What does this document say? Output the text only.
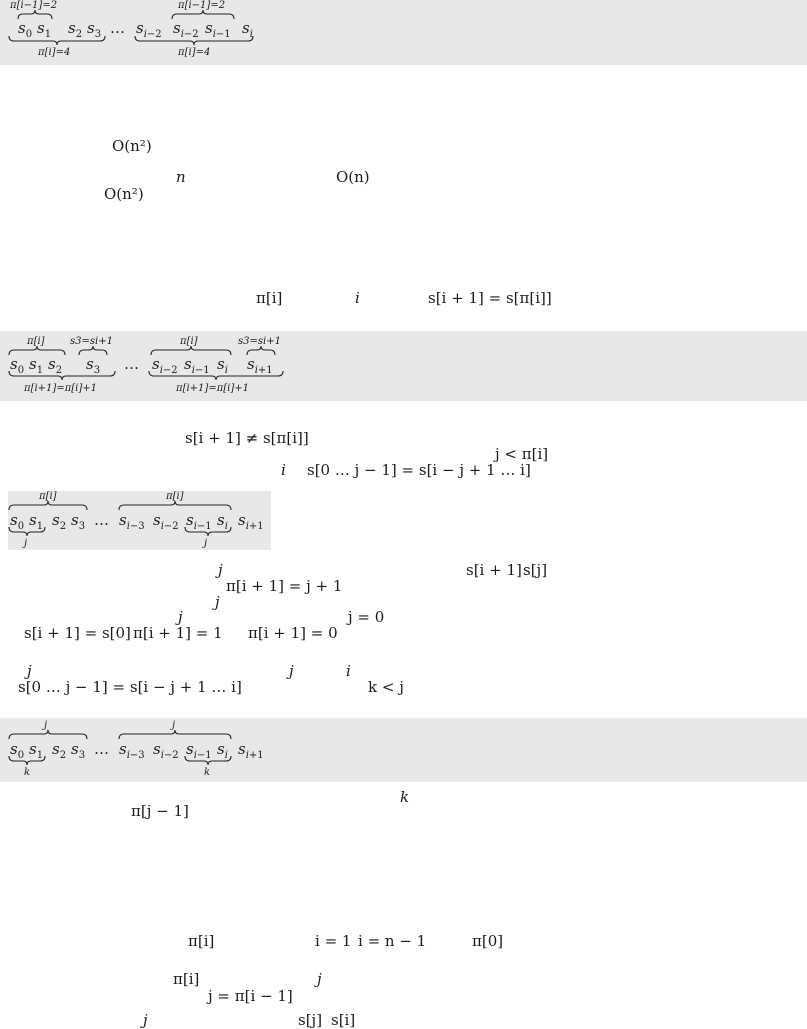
π[i−1]=2	π[i−1]=2
$s_0$ $s_1$ $s_2$ $s_3$ … $s_{i-2}$ $s_{i-2}$ $s_{i-1}$ $s_i$
π[i]=4	π[i]=4
O(n²)
n	O(n)
O(n²)
π[i]	i	s[i + 1] = s[π[i]]
π[i]	s3=si+1	π[i]	s3=si+1
$s_0$ $s_1$ $s_2$ $s_3$ … $s_{i-2}$ $s_{i-1}$ $s_i$ $s_{i+1}$
π[i+1]=π[i]+1	π[i+1]=π[i]+1
s[i + 1] ≠ s[π[i]]
j < π[i]
i s[0 … j − 1] = s[i − j + 1 … i]
π[i]	π[i]
$s_0$ $s_1$ $s_2$ $s_3$ … $s_{i-3}$ $s_{i-2}$ $s_{i-1}$ $s_i$ $s_{i+1}$
j	j
j	s[i + 1] s[j]
π[i + 1] = j + 1
j
j	j = 0
s[i + 1] = s[0] π[i + 1] = 1 π[i + 1] = 0
j
s[0 … j − 1] = s[i − j + 1 … i]
j	i
k < j
j	j
$s_0$ $s_1$ $s_2$ $s_3$ … $s_{i-3}$ $s_{i-2}$ $s_{i-1}$ $s_i$ $s_{i+1}$
k	k
k
π[j − 1]
π[i]	i = 1 i = n − 1	π[0]
π[i]	j
j = π[i − 1]
j	s[j] s[i]
